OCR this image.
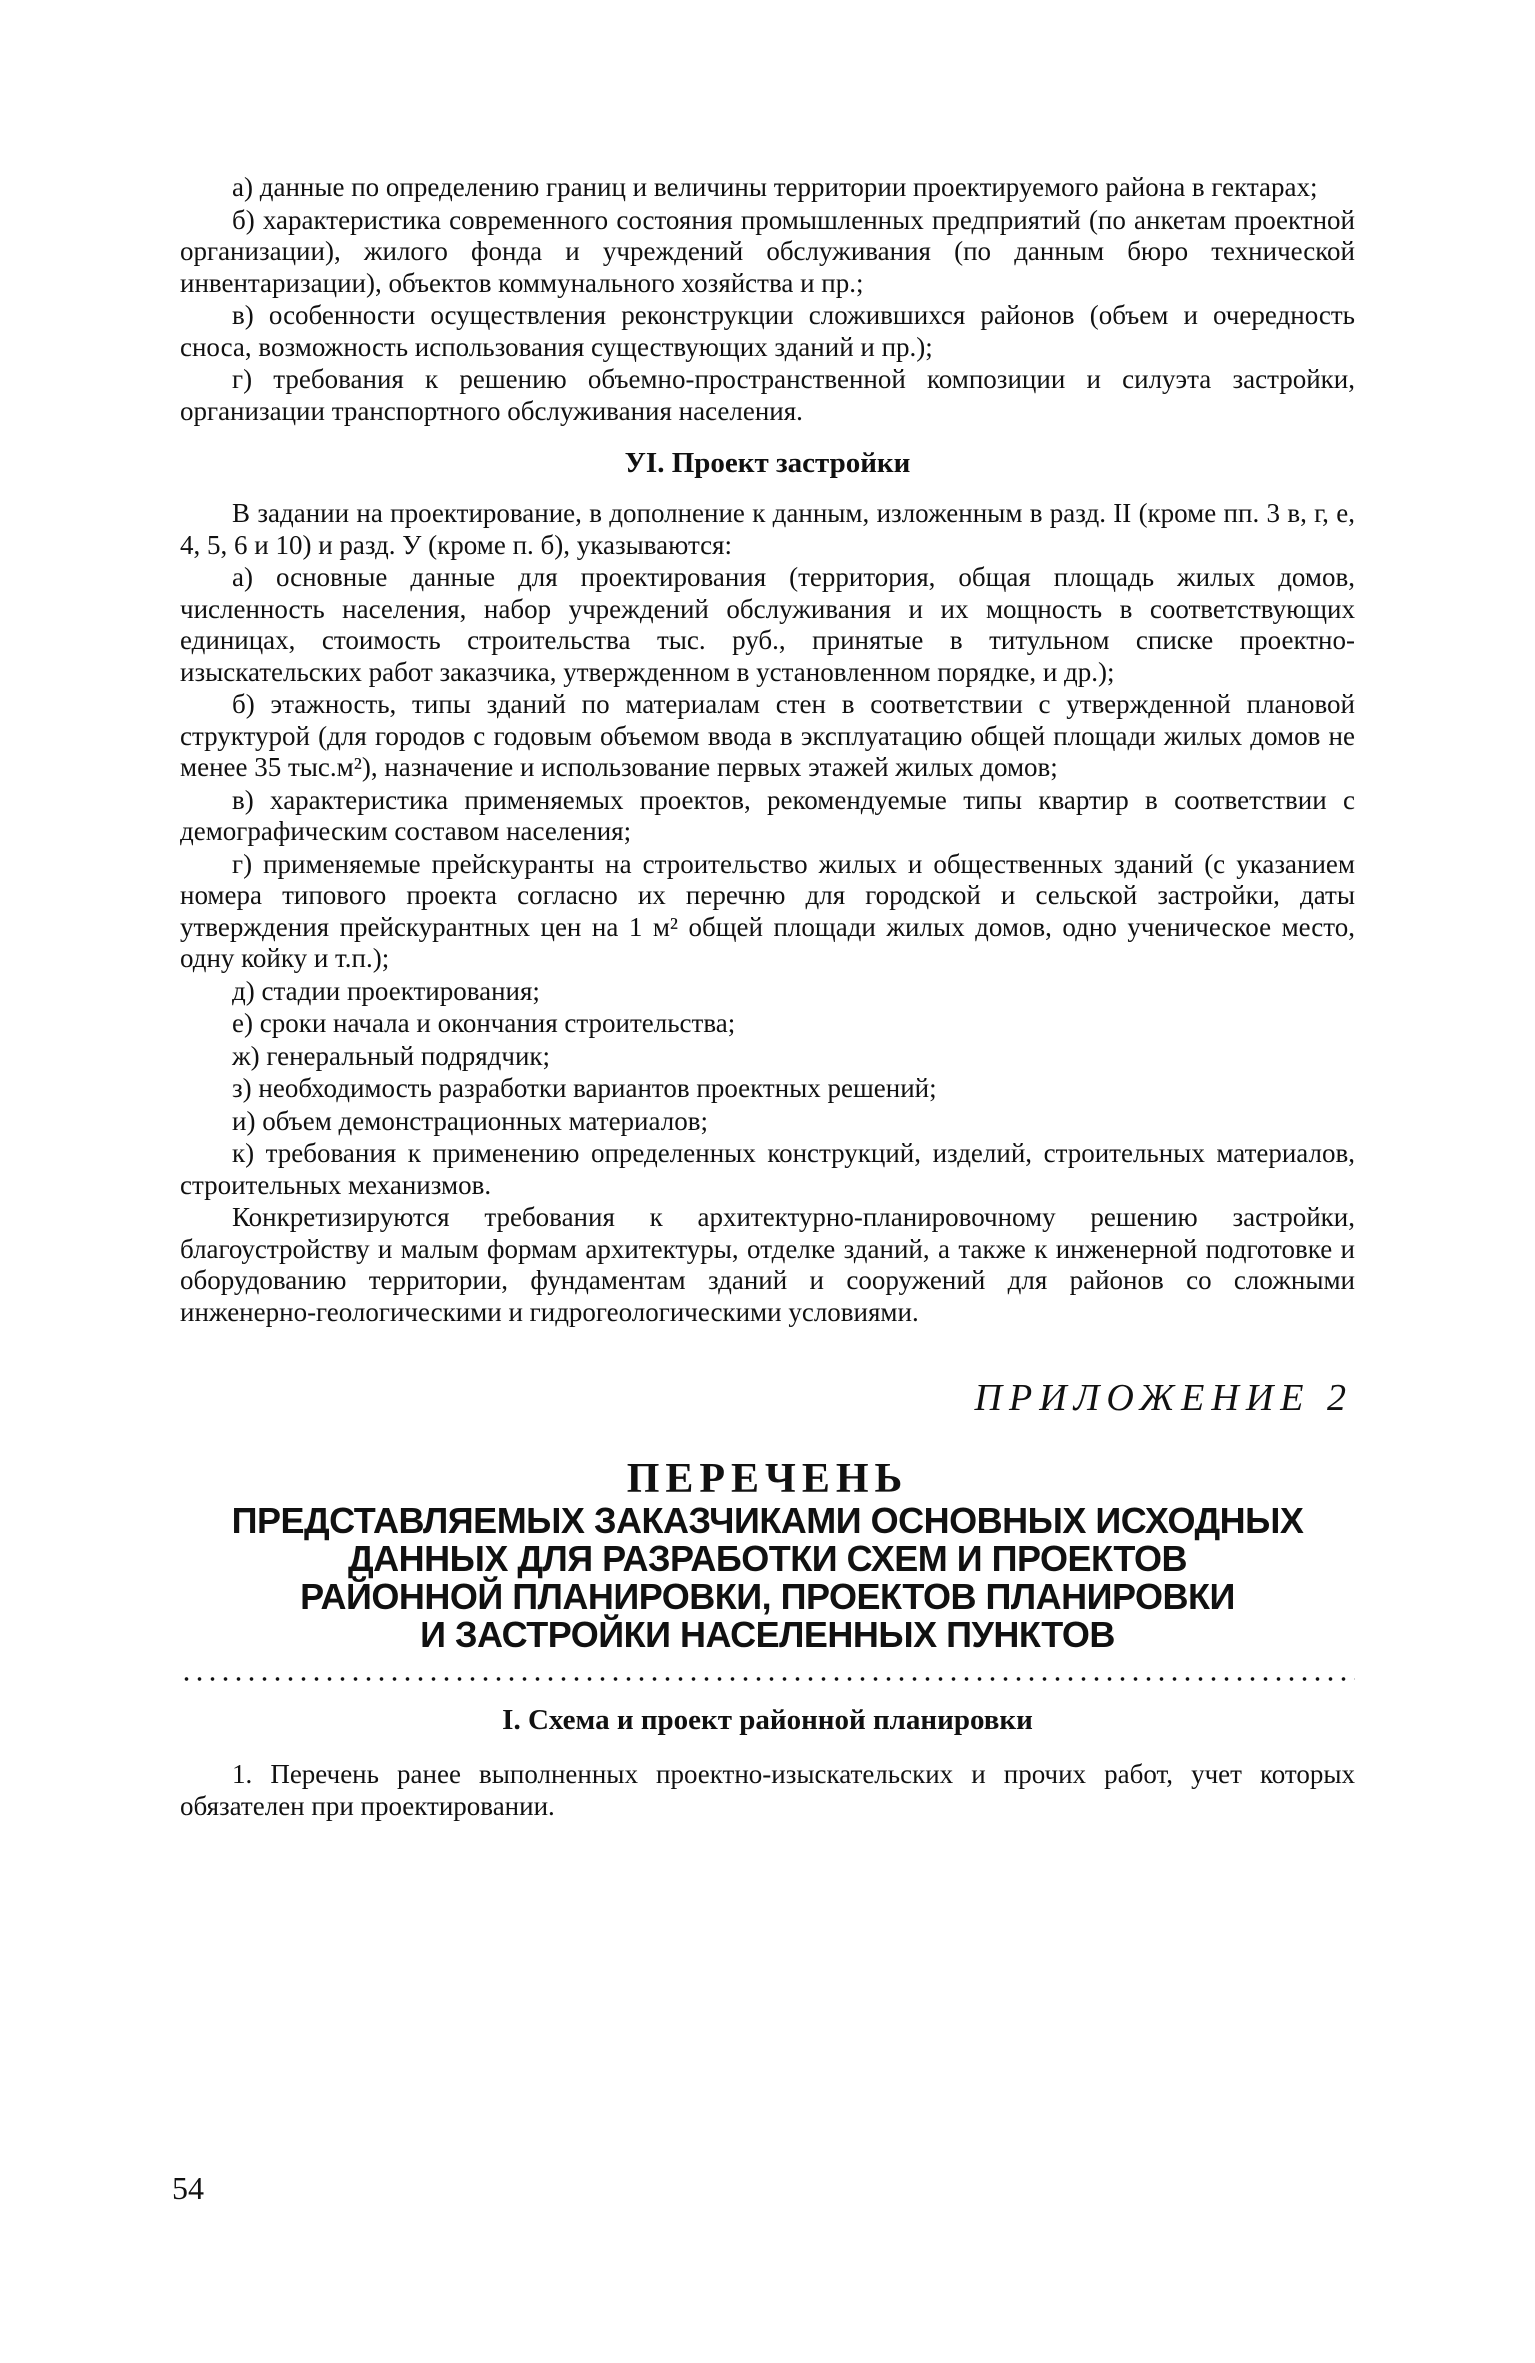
а) данные по определению границ и величины территории проектируемого района в гектарах;

б) характеристика современного состояния промышленных предприятий (по анкетам проектной организации), жилого фонда и учреждений обслуживания (по данным бюро технической инвентаризации), объектов коммунального хозяйства и пр.;

в) особенности осуществления реконструкции сложившихся районов (объем и очередность сноса, возможность использования существующих зданий и пр.);

г) требования к решению объемно-пространственной композиции и силуэта застройки, организации транспортного обслуживания населения.

УI. Проект застройки

В задании на проектирование, в дополнение к данным, изложенным в разд. II (кроме пп. 3 в, г, е, 4, 5, 6 и 10) и разд. У (кроме п. б), указываются:

а) основные данные для проектирования (территория, общая площадь жилых домов, численность населения, набор учреждений обслуживания и их мощность в соответствующих единицах, стоимость строительства тыс. руб., принятые в титульном списке проектно-изыскательских работ заказчика, утвержденном в установленном порядке, и др.);

б) этажность, типы зданий по материалам стен в соответствии с утвержденной плановой структурой (для городов с годовым объемом ввода в эксплуатацию общей площади жилых домов не менее 35 тыс.м²), назначение и использование первых этажей жилых домов;

в) характеристика применяемых проектов, рекомендуемые типы квартир в соответствии с демографическим составом населения;

г) применяемые прейскуранты на строительство жилых и общественных зданий (с указанием номера типового проекта согласно их перечню для городской и сельской застройки, даты утверждения прейскурантных цен на 1 м² общей площади жилых домов, одно ученическое место, одну койку и т.п.);

д) стадии проектирования;

е) сроки начала и окончания строительства;

ж) генеральный подрядчик;

з) необходимость разработки вариантов проектных решений;

и) объем демонстрационных материалов;

к) требования к применению определенных конструкций, изделий, строительных материалов, строительных механизмов.

Конкретизируются требования к архитектурно-планировочному решению застройки, благоустройству и малым формам архитектуры, отделке зданий, а также к инженерной подготовке и оборудованию территории, фундаментам зданий и сооружений для районов со сложными инженерно-геологическими и гидрогеологическими условиями.

ПРИЛОЖЕНИЕ 2
ПЕРЕЧЕНЬ
ПРЕДСТАВЛЯЕМЫХ ЗАКАЗЧИКАМИ ОСНОВНЫХ ИСХОДНЫХ
ДАННЫХ ДЛЯ РАЗРАБОТКИ СХЕМ И ПРОЕКТОВ
РАЙОННОЙ ПЛАНИРОВКИ, ПРОЕКТОВ ПЛАНИРОВКИ
И ЗАСТРОЙКИ НАСЕЛЕННЫХ ПУНКТОВ
I. Схема и проект районной планировки

1. Перечень ранее выполненных проектно-изыскательских и прочих работ, учет которых обязателен при проектировании.

54
